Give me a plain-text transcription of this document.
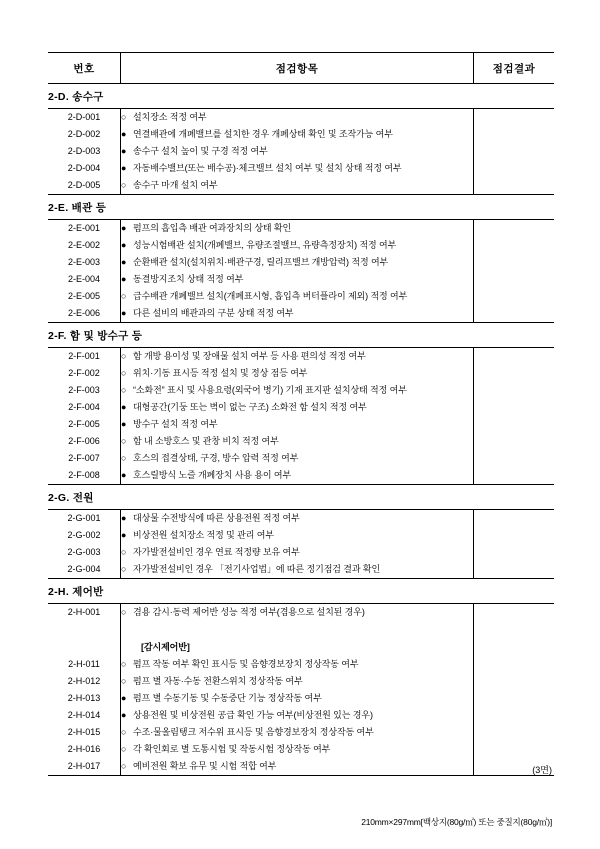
번호	점검항목	점검결과
2-D. 송수구		
2-D-001	○ 설치장소 적정 여부	
2-D-002	● 연결배관에 개폐밸브를 설치한 경우 개폐상태 확인 및 조작가능 여부	
2-D-003	● 송수구 설치 높이 및 구경 적정 여부	
2-D-004	● 자동배수밸브(또는 배수공)·체크밸브 설치 여부 및 설치 상태 적정 여부	
2-D-005	○ 송수구 마개 설치 여부	
2-E. 배관 등		
2-E-001	● 펌프의 흡입측 배관 여과장치의 상태 확인	
2-E-002	● 성능시험배관 설치(개폐밸브, 유량조절밸브, 유량측정장치) 적정 여부	
2-E-003	● 순환배관 설치(설치위치·배관구경, 릴리프밸브 개방압력) 적정 여부	
2-E-004	● 동결방지조치 상태 적정 여부	
2-E-005	○ 급수배관 개폐밸브 설치(개폐표시형, 흡입측 버터플라이 제외) 적정 여부	
2-E-006	● 다른 설비의 배관과의 구분 상태 적정 여부	
2-F. 함 및 방수구 등		
2-F-001	○ 함 개방 용이성 및 장애물 설치 여부 등 사용 편의성 적정 여부	
2-F-002	○ 위치·기동 표시등 적정 설치 및 정상 점등 여부	
2-F-003	○ “소화전” 표시 및 사용요령(외국어 병기) 기재 표지판 설치상태 적정 여부	
2-F-004	● 대형공간(기둥 또는 벽이 없는 구조) 소화전 함 설치 적정 여부	
2-F-005	● 방수구 설치 적정 여부	
2-F-006	○ 함 내 소방호스 및 관창 비치 적정 여부	
2-F-007	○ 호스의 접결상태, 구경, 방수 압력 적정 여부	
2-F-008	● 호스릴방식 노즐 개폐장치 사용 용이 여부	
2-G. 전원		
2-G-001	● 대상물 수전방식에 따른 상용전원 적정 여부	
2-G-002	● 비상전원 설치장소 적정 및 관리 여부	
2-G-003	○ 자가발전설비인 경우 연료 적정량 보유 여부	
2-G-004	○ 자가발전설비인 경우 「전기사업법」에 따른 정기점검 결과 확인	
2-H. 제어반		
2-H-001	○ 겸용 감시·동력 제어반 성능 적정 여부(겸용으로 설치된 경우)	

	[감시제어반]	
2-H-011	○ 펌프 작동 여부 확인 표시등 및 음향경보장치 정상작동 여부	
2-H-012	○ 펌프 별 자동·수동 전환스위치 정상작동 여부	
2-H-013	● 펌프 별 수동기동 및 수동중단 기능 정상작동 여부	
2-H-014	● 상용전원 및 비상전원 공급 확인 가능 여부(비상전원 있는 경우)	
2-H-015	○ 수조·물올림탱크 저수위 표시등 및 음향경보장치 정상작동 여부	
2-H-016	○ 각 확인회로 별 도통시험 및 작동시험 정상작동 여부	
2-H-017	○ 예비전원 확보 유무 및 시험 적합 여부		(3면)
210mm×297mm[백상지(80g/㎡) 또는 중질지(80g/㎡)]
